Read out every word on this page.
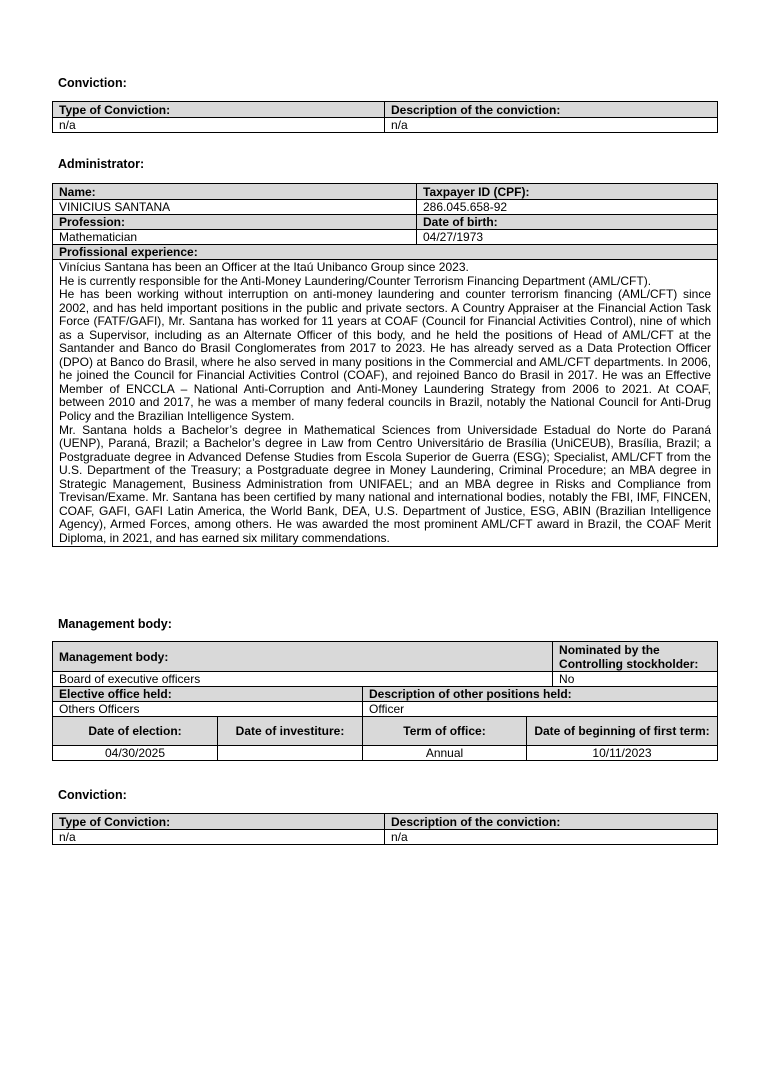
Conviction:
Type of Conviction:	Description of the conviction:
n/a	n/a
Administrator:
Name:	Taxpayer ID (CPF):
VINICIUS SANTANA	286.045.658-92
Profession:	Date of birth:
Mathematician	04/27/1973
Profissional experience:	

Vinícius Santana has been an Officer at the Itaú Unibanco Group since 2023.

He is currently responsible for the Anti-Money Laundering/Counter Terrorism Financing Department (AML/CFT).

He has been working without interruption on anti-money laundering and counter terrorism financing (AML/CFT) since 2002, and has held important positions in the public and private sectors. A Country Appraiser at the Financial Action Task Force (FATF/GAFI), Mr. Santana has worked for 11 years at COAF (Council for Financial Activities Control), nine of which as a Supervisor, including as an Alternate Officer of this body, and he held the positions of Head of AML/CFT at the Santander and Banco do Brasil Conglomerates from 2017 to 2023. He has already served as a Data Protection Officer (DPO) at Banco do Brasil, where he also served in many positions in the Commercial and AML/CFT departments. In 2006, he joined the Council for Financial Activities Control (COAF), and rejoined Banco do Brasil in 2017. He was an Effective Member of ENCCLA – National Anti-Corruption and Anti-Money Laundering Strategy from 2006 to 2021. At COAF, between 2010 and 2017, he was a member of many federal councils in Brazil, notably the National Council for Anti-Drug Policy and the Brazilian Intelligence System.

Mr. Santana holds a Bachelor’s degree in Mathematical Sciences from Universidade Estadual do Norte do Paraná (UENP), Paraná, Brazil; a Bachelor’s degree in Law from Centro Universitário de Brasília (UniCEUB), Brasília, Brazil; a Postgraduate degree in Advanced Defense Studies from Escola Superior de Guerra (ESG); Specialist, AML/CFT from the U.S. Department of the Treasury; a Postgraduate degree in Money Laundering, Criminal Procedure; an MBA degree in Strategic Management, Business Administration from UNIFAEL; and an MBA degree in Risks and Compliance from Trevisan/Exame. Mr. Santana has been certified by many national and international bodies, notably the FBI, IMF, FINCEN, COAF, GAFI, GAFI Latin America, the World Bank, DEA, U.S. Department of Justice, ESG, ABIN (Brazilian Intelligence Agency), Armed Forces, among others. He was awarded the most prominent AML/CFT award in Brazil, the COAF Merit Diploma, in 2021, and has earned six military commendations.	

Management body:
Management body:				Nominated by the Controlling stockholder:
Board of executive officers				No
Elective office held:		Description of other positions held:		
Others Officers		Officer		
Date of election:	Date of investiture:	Term of office:	Date of beginning of first term:	
04/30/2025		Annual	10/11/2023	
Conviction:
Type of Conviction:	Description of the conviction:
n/a	n/a
